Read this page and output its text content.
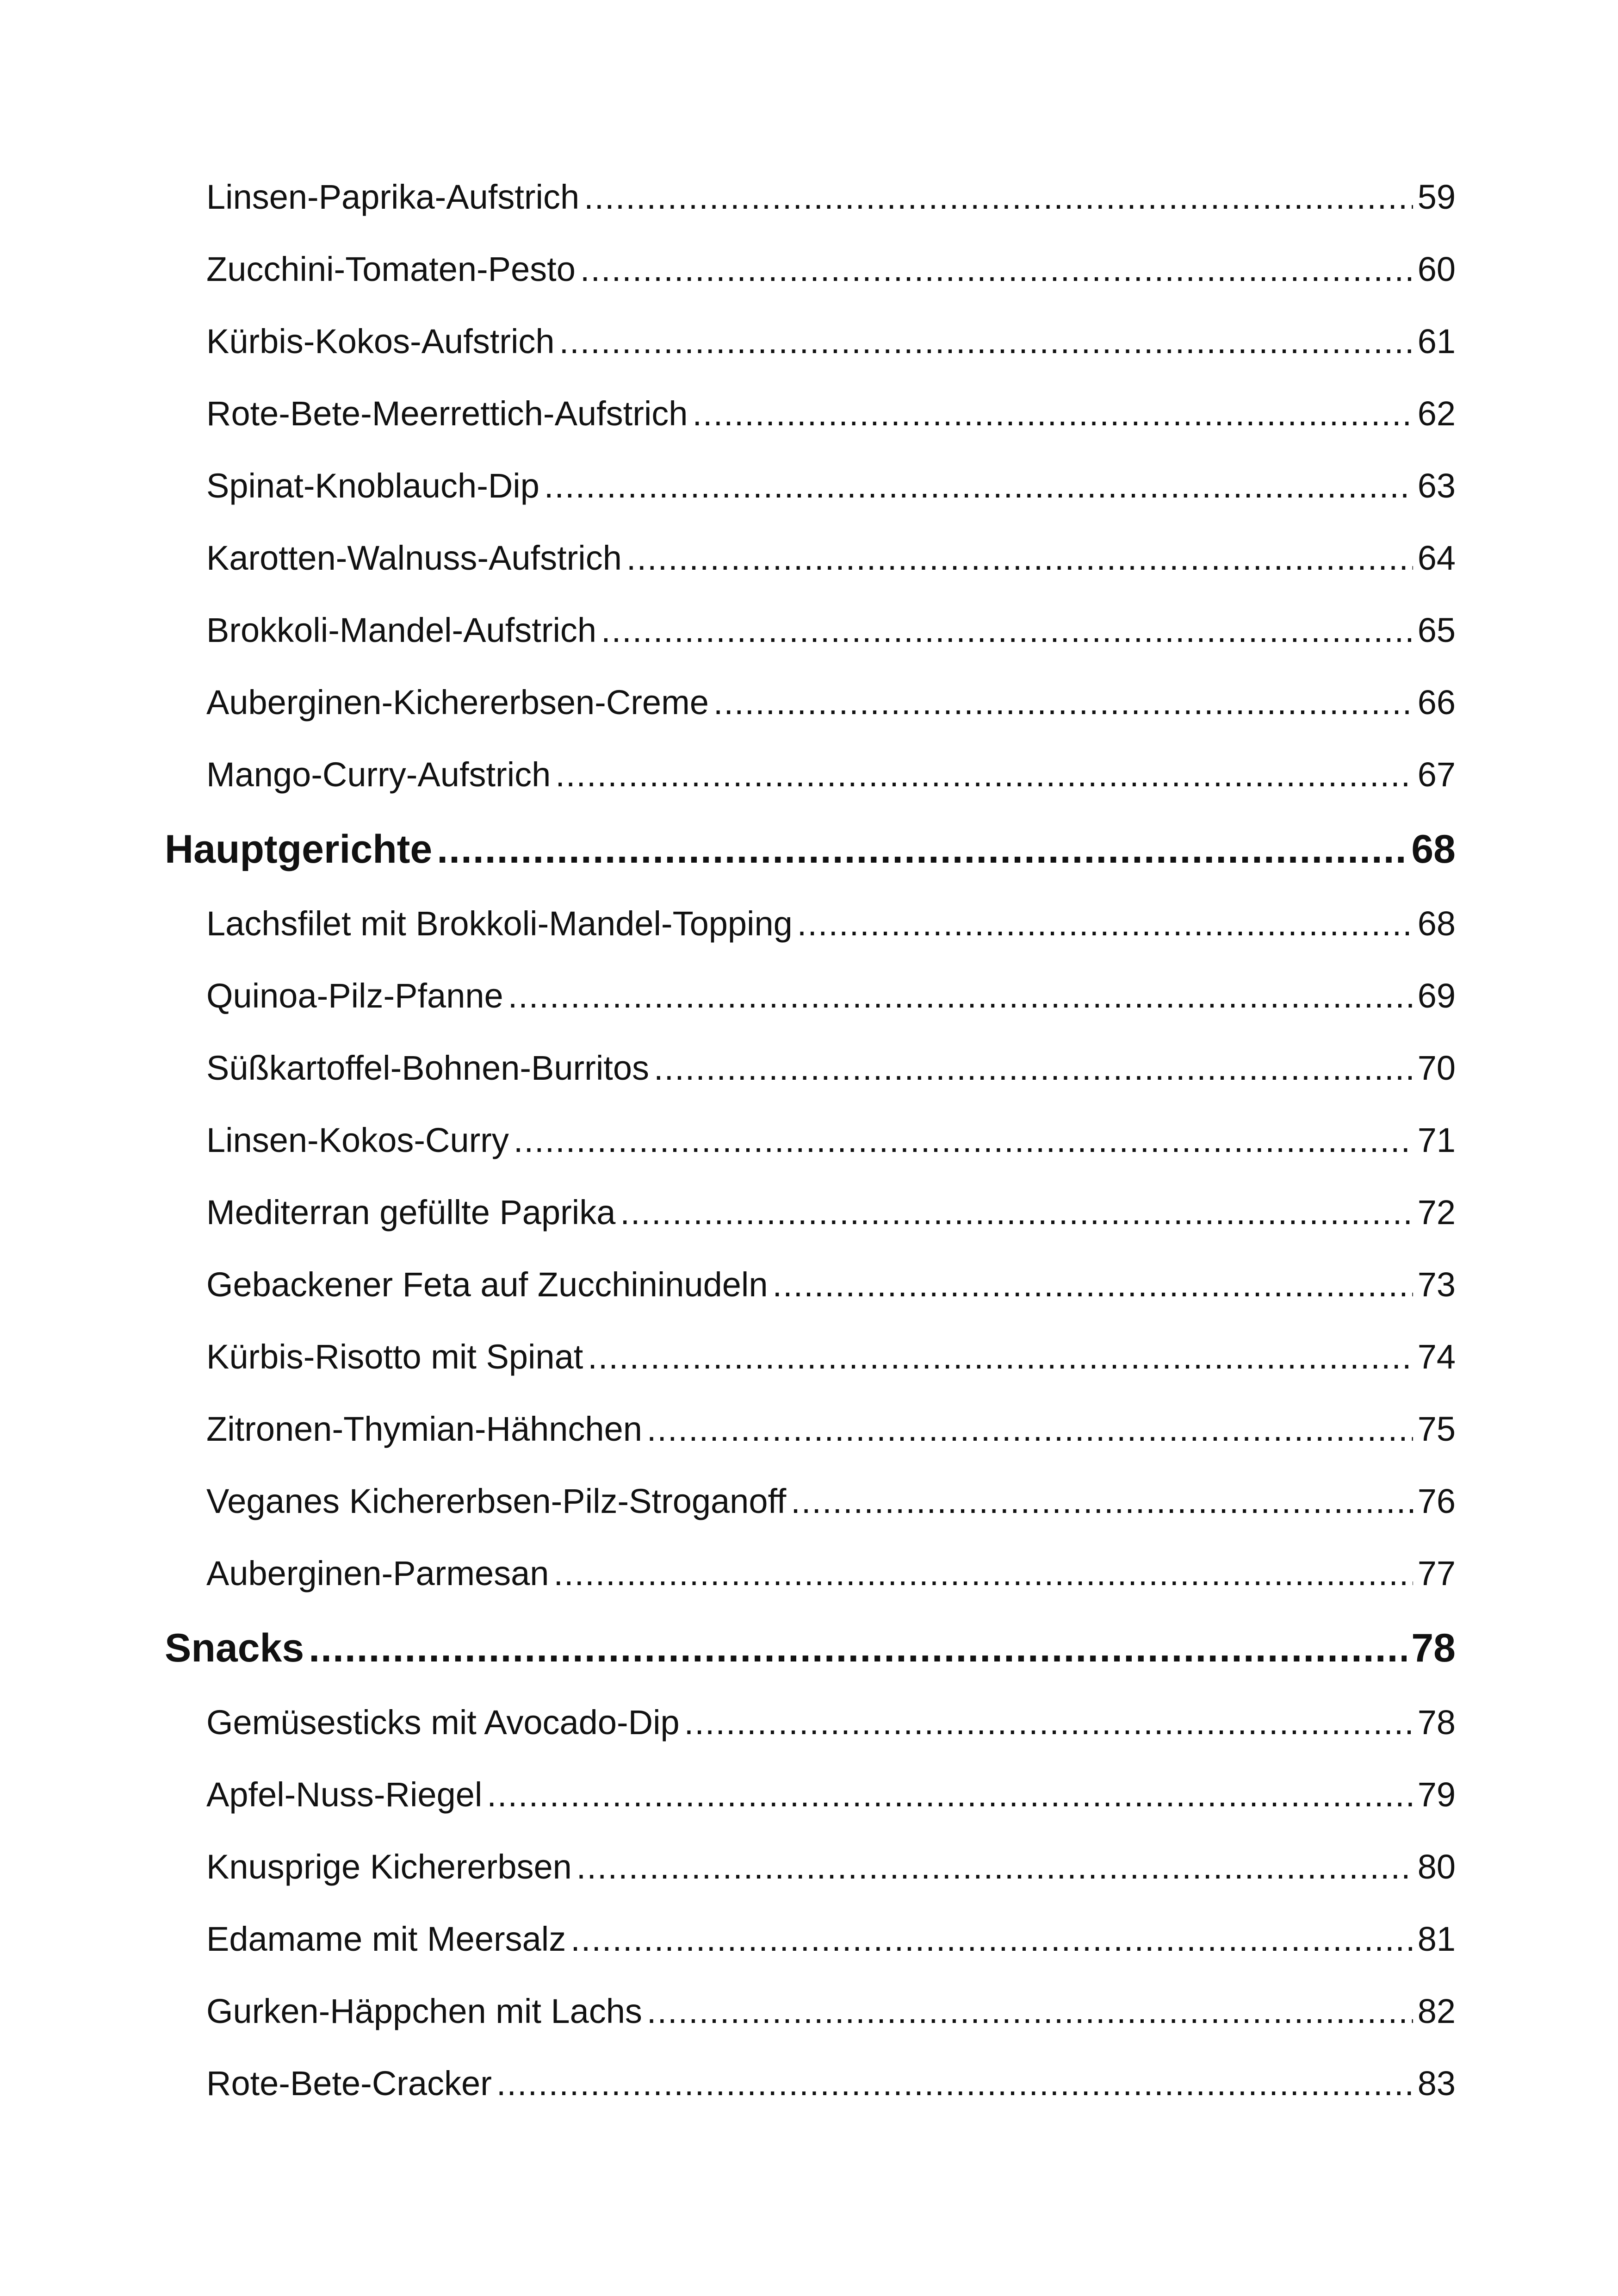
Linsen-Paprika-Aufstrich .....	59
Zucchini-Tomaten-Pesto .....	60
Kürbis-Kokos-Aufstrich .....	61
Rote-Bete-Meerrettich-Aufstrich .....	62
Spinat-Knoblauch-Dip .....	63
Karotten-Walnuss-Aufstrich .....	64
Brokkoli-Mandel-Aufstrich .....	65
Auberginen-Kichererbsen-Creme .....	66
Mango-Curry-Aufstrich .....	67
Hauptgerichte .....	68
Lachsfilet mit Brokkoli-Mandel-Topping .....	68
Quinoa-Pilz-Pfanne .....	69
Süßkartoffel-Bohnen-Burritos .....	70
Linsen-Kokos-Curry .....	71
Mediterran gefüllte Paprika .....	72
Gebackener Feta auf Zucchininudeln .....	73
Kürbis-Risotto mit Spinat .....	74
Zitronen-Thymian-Hähnchen .....	75
Veganes Kichererbsen-Pilz-Stroganoff .....	76
Auberginen-Parmesan .....	77
Snacks .....	78
Gemüsesticks mit Avocado-Dip .....	78
Apfel-Nuss-Riegel .....	79
Knusprige Kichererbsen .....	80
Edamame mit Meersalz .....	81
Gurken-Häppchen mit Lachs .....	82
Rote-Bete-Cracker .....	83
